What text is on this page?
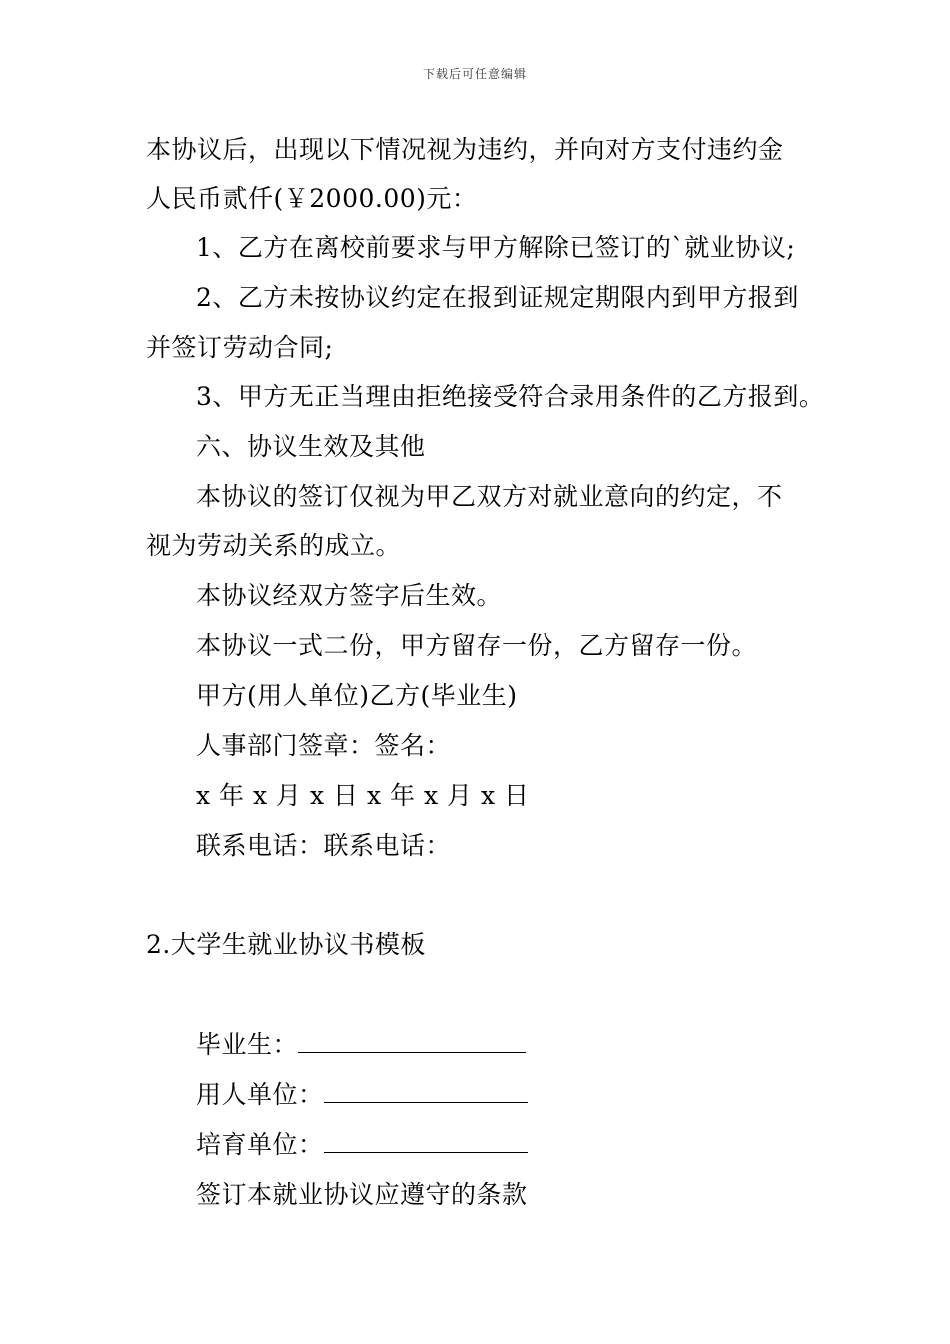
下载后可任意编辑
本协议后，出现以下情况视为违约，并向对方支付违约金
人民币贰仟(￥2000.00)元：
1、乙方在离校前要求与甲方解除已签订的`就业协议;
2、乙方未按协议约定在报到证规定期限内到甲方报到
并签订劳动合同;
3、甲方无正当理由拒绝接受符合录用条件的乙方报到。
六、协议生效及其他
本协议的签订仅视为甲乙双方对就业意向的约定，不
视为劳动关系的成立。
本协议经双方签字后生效。
本协议一式二份，甲方留存一份，乙方留存一份。
甲方(用人单位)乙方(毕业生)
人事部门签章：签名：
x 年 x 月 x 日 x 年 x 月 x 日
联系电话：联系电话：
2.大学生就业协议书模板
毕业生：
用人单位：
培育单位：
签订本就业协议应遵守的条款
